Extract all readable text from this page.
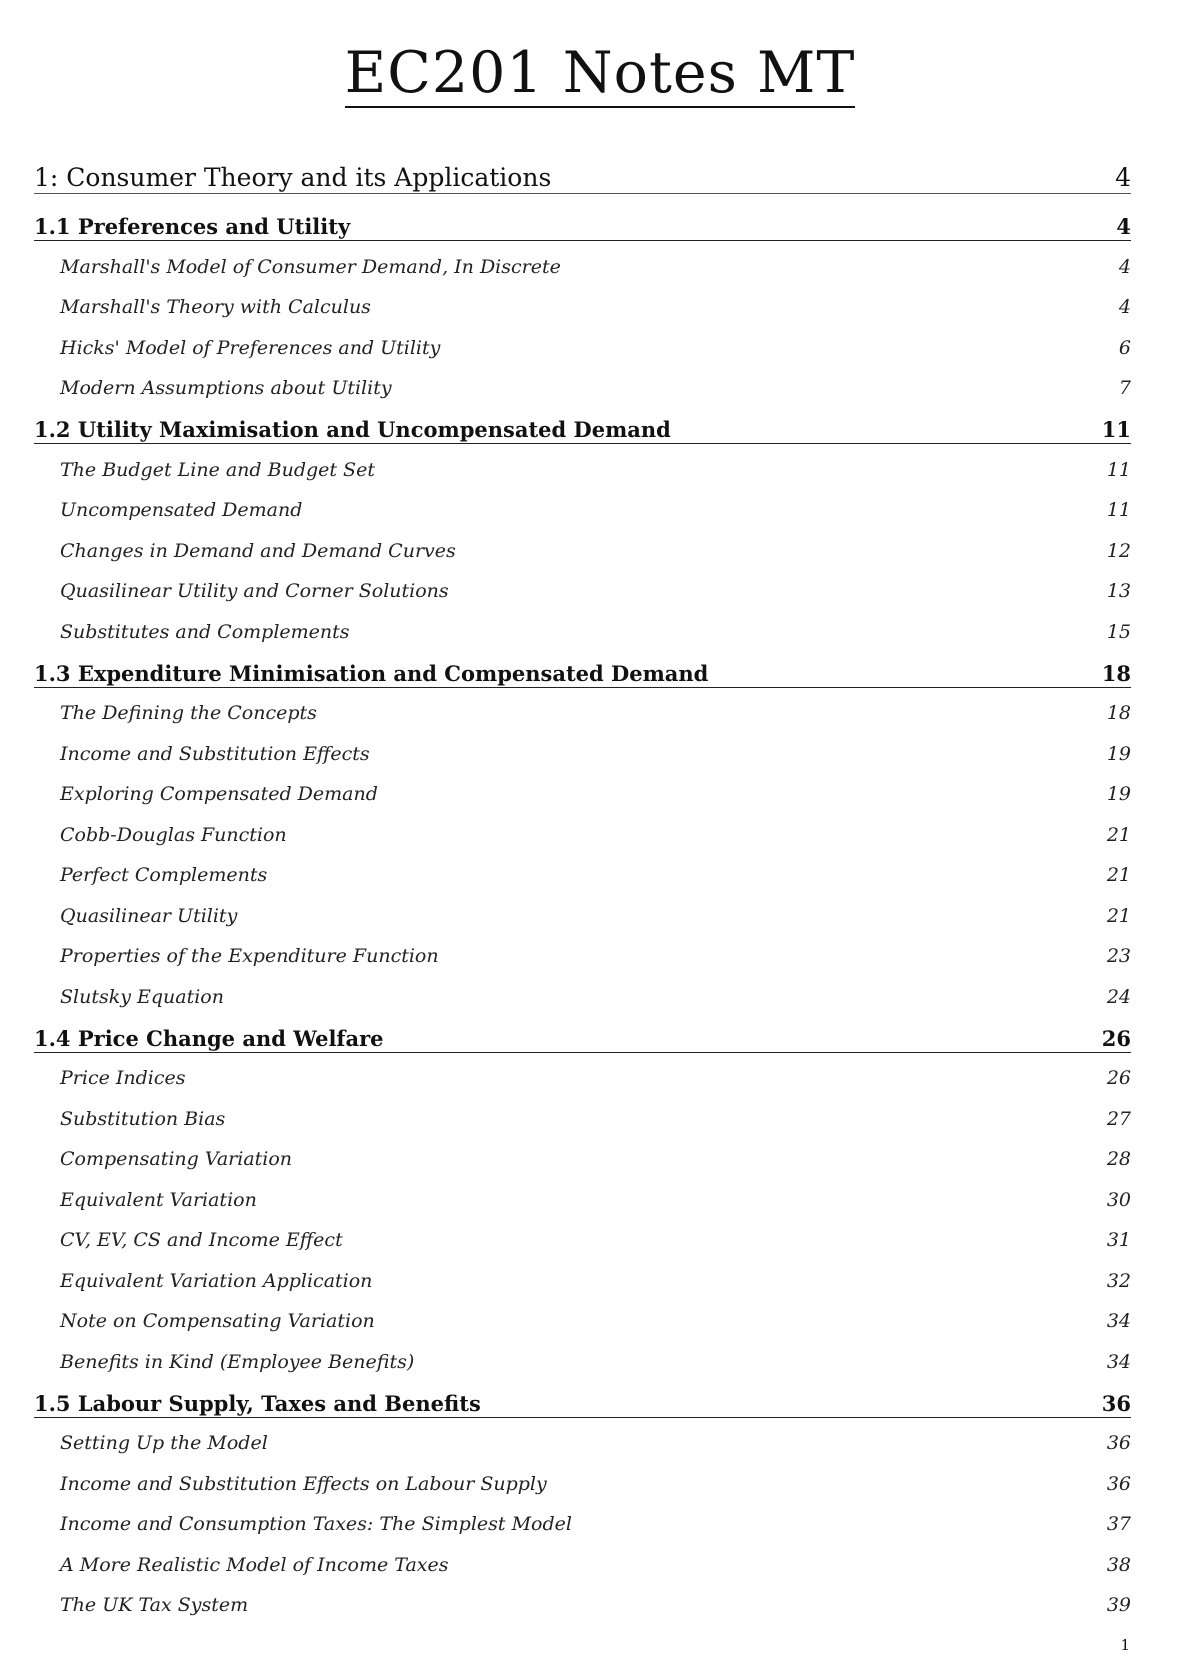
EC201 Notes MT
1: Consumer Theory and its Applications	4
1.1 Preferences and Utility	4
Marshall's Model of Consumer Demand, In Discrete	4
Marshall's Theory with Calculus	4
Hicks' Model of Preferences and Utility	6
Modern Assumptions about Utility	7
1.2 Utility Maximisation and Uncompensated Demand	11
The Budget Line and Budget Set	11
Uncompensated Demand	11
Changes in Demand and Demand Curves	12
Quasilinear Utility and Corner Solutions	13
Substitutes and Complements	15
1.3 Expenditure Minimisation and Compensated Demand	18
The Defining the Concepts	18
Income and Substitution Effects	19
Exploring Compensated Demand	19
Cobb-Douglas Function	21
Perfect Complements	21
Quasilinear Utility	21
Properties of the Expenditure Function	23
Slutsky Equation	24
1.4 Price Change and Welfare	26
Price Indices	26
Substitution Bias	27
Compensating Variation	28
Equivalent Variation	30
CV, EV, CS and Income Effect	31
Equivalent Variation Application	32
Note on Compensating Variation	34
Benefits in Kind (Employee Benefits)	34
1.5 Labour Supply, Taxes and Benefits	36
Setting Up the Model	36
Income and Substitution Effects on Labour Supply	36
Income and Consumption Taxes: The Simplest Model	37
A More Realistic Model of Income Taxes	38
The UK Tax System	39
1
